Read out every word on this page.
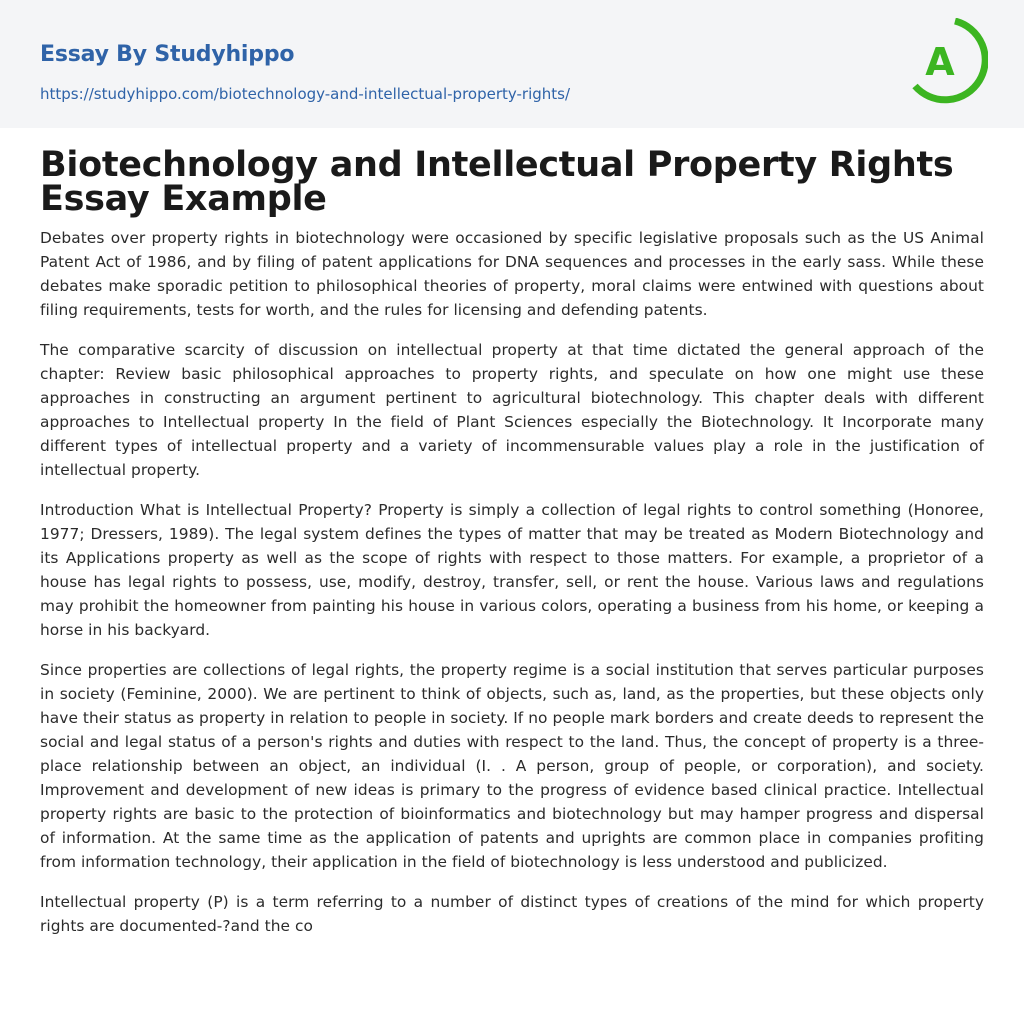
Essay By Studyhippo
https://studyhippo.com/biotechnology-and-intellectual-property-rights/
A
Biotechnology and Intellectual Property Rights
Essay Example

Debates over property rights in biotechnology were occasioned by specific legislative proposals such as the US Animal Patent Act of 1986, and by filing of patent applications for DNA sequences and processes in the early sass. While these debates make sporadic petition to philosophical theories of property, moral claims were entwined with questions about filing requirements, tests for worth, and the rules for licensing and defending patents.

The comparative scarcity of discussion on intellectual property at that time dictated the general approach of the chapter: Review basic philosophical approaches to property rights, and speculate on how one might use these approaches in constructing an argument pertinent to agricultural biotechnology. This chapter deals with different approaches to Intellectual property In the field of Plant Sciences especially the Biotechnology. It Incorporate many different types of intellectual property and a variety of incommensurable values play a role in the justification of intellectual property.

Introduction What is Intellectual Property? Property is simply a collection of legal rights to control something (Honoree, 1977; Dressers, 1989). The legal system defines the types of matter that may be treated as Modern Biotechnology and its Applications property as well as the scope of rights with respect to those matters. For example, a proprietor of a house has legal rights to possess, use, modify, destroy, transfer, sell, or rent the house. Various laws and regulations may prohibit the homeowner from painting his house in various colors, operating a business from his home, or keeping a horse in his backyard.

Since properties are collections of legal rights, the property regime is a social institution that serves particular purposes in society (Feminine, 2000). We are pertinent to think of objects, such as, land, as the properties, but these objects only have their status as property in relation to people in society. If no people mark borders and create deeds to represent the social and legal status of a person's rights and duties with respect to the land. Thus, the concept of property is a three- place relationship between an object, an individual (I. . A person, group of people, or corporation), and society. Improvement and development of new ideas is primary to the progress of evidence based clinical practice. Intellectual property rights are basic to the protection of bioinformatics and biotechnology but may hamper progress and dispersal of information. At the same time as the application of patents and uprights are common place in companies profiting from information technology, their application in the field of biotechnology is less understood and publicized.

Intellectual property (P) is a term referring to a number of distinct types of creations of the mind for which property rights are documented-?and the co
